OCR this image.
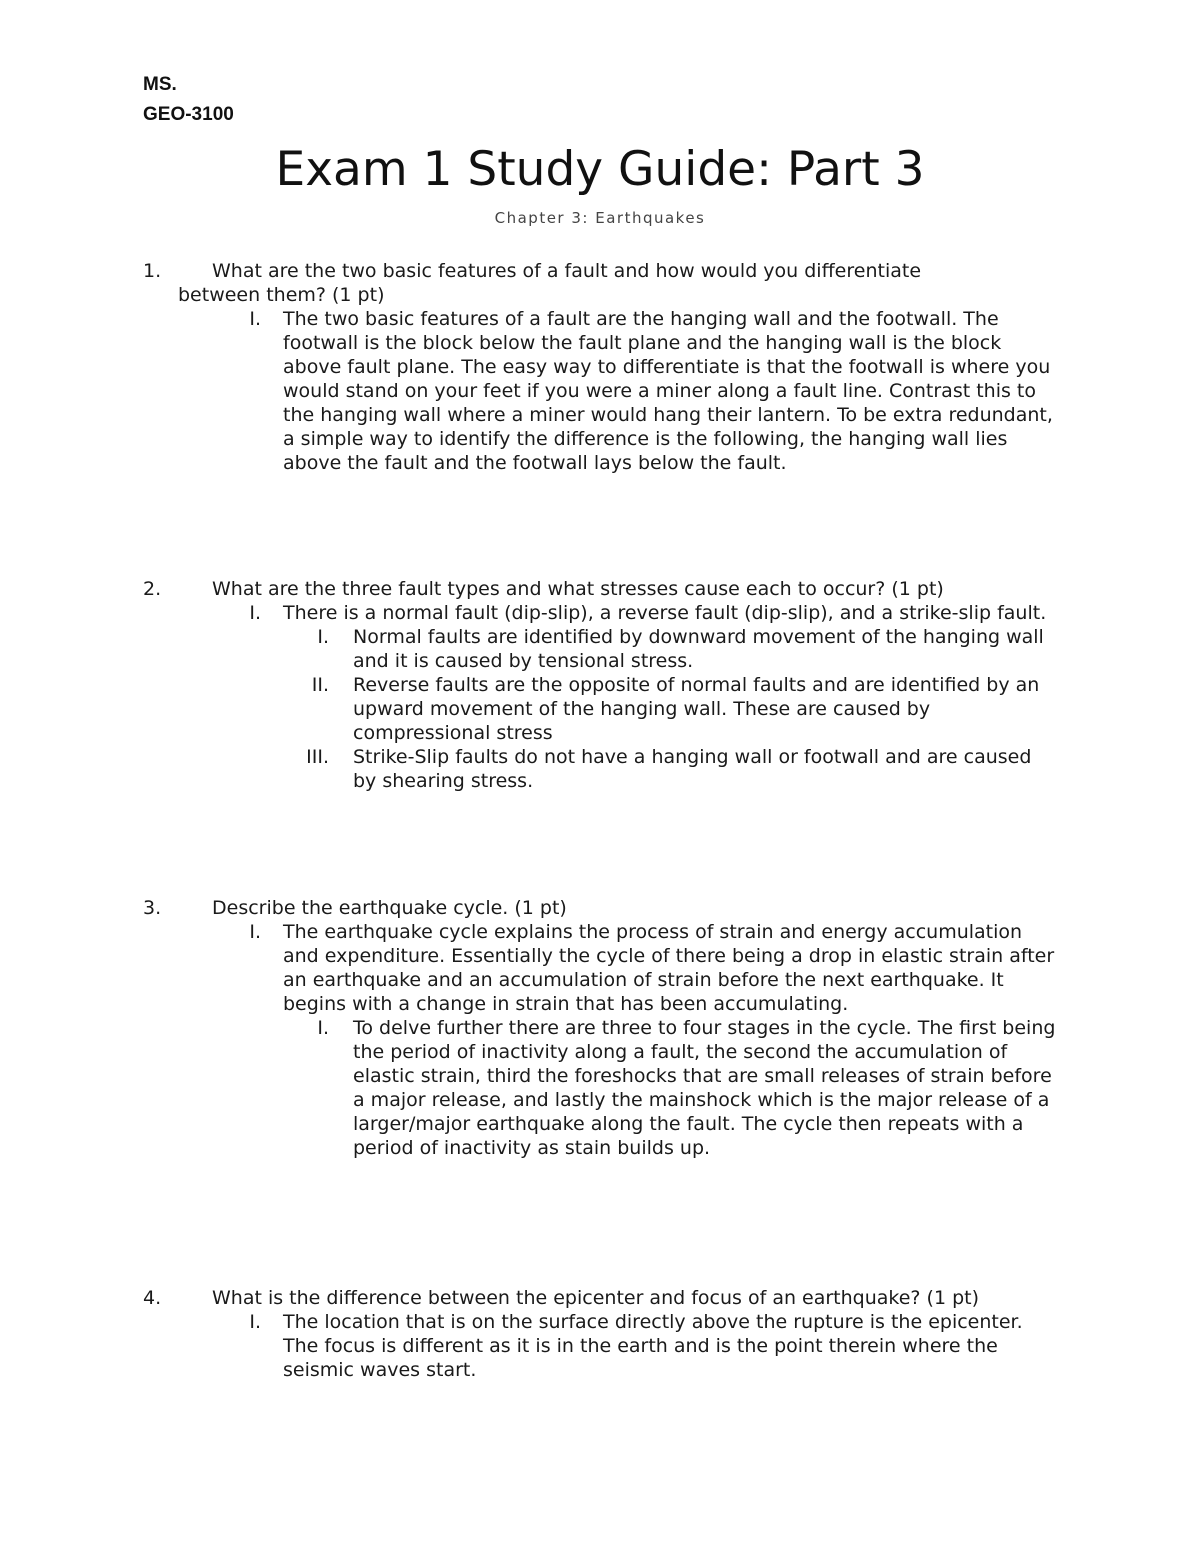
MS.
GEO-3100
Exam 1 Study Guide: Part 3
Chapter 3: Earthquakes
1.	What are the two basic features of a fault and how would you differentiate
between them? (1 pt)
I. The two basic features of a fault are the hanging wall and the footwall. The footwall is the block below the fault plane and the hanging wall is the block above fault plane. The easy way to differentiate is that the footwall is where you would stand on your feet if you were a miner along a fault line. Contrast this to the hanging wall where a miner would hang their lantern. To be extra redundant, a simple way to identify the difference is the following, the hanging wall lies above the fault and the footwall lays below the fault.
2.	What are the three fault types and what stresses cause each to occur? (1 pt)
I. There is a normal fault (dip-slip), a reverse fault (dip-slip), and a strike-slip fault.
I. Normal faults are identified by downward movement of the hanging wall and it is caused by tensional stress.
II. Reverse faults are the opposite of normal faults and are identified by an upward movement of the hanging wall. These are caused by compressional stress
III. Strike-Slip faults do not have a hanging wall or footwall and are caused by shearing stress.
3.	Describe the earthquake cycle. (1 pt)
I. The earthquake cycle explains the process of strain and energy accumulation and expenditure. Essentially the cycle of there being a drop in elastic strain after an earthquake and an accumulation of strain before the next earthquake. It begins with a change in strain that has been accumulating.
I. To delve further there are three to four stages in the cycle. The first being the period of inactivity along a fault, the second the accumulation of elastic strain, third the foreshocks that are small releases of strain before a major release, and lastly the mainshock which is the major release of a larger/major earthquake along the fault. The cycle then repeats with a period of inactivity as stain builds up.
4.	What is the difference between the epicenter and focus of an earthquake? (1 pt)
I. The location that is on the surface directly above the rupture is the epicenter. The focus is different as it is in the earth and is the point therein where the seismic waves start.
